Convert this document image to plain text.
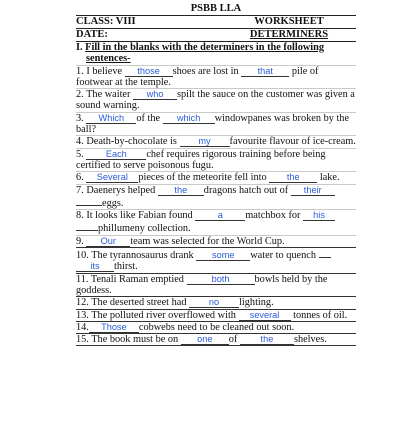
PSBB LLA
CLASS: VIII	WORKSHEET
DATE:	DETERMINERS
I. Fill in the blanks with the determiners in the following sentences-
1. I believe those shoes are lost in that pile of footwear at the temple.
2. The waiter who spilt the sauce on the customer was given a sound warning.
3. Which of the which windowpanes was broken by the ball?
4. Death-by-chocolate is my favourite flavour of ice-cream.
5. Each chef requires rigorous training before being certified to serve poisonous fugu.
6. Several pieces of the meteorite fell into the lake.
7. Daenerys helped the dragons hatch out of their
eggs.
8. It looks like Fabian found a matchbox for his
phillumeny collection.
9. Our team was selected for the World Cup.
10. The tyrannosaurus drank some water to quench
its thirst.
11. Tenali Raman emptied	both bowls held by the goddess.
12. The deserted street had no lighting.
13. The polluted river overflowed with several tonnes of oil.
14. Those cobwebs need to be cleaned out soon.
15. The book must be on one of the shelves.
